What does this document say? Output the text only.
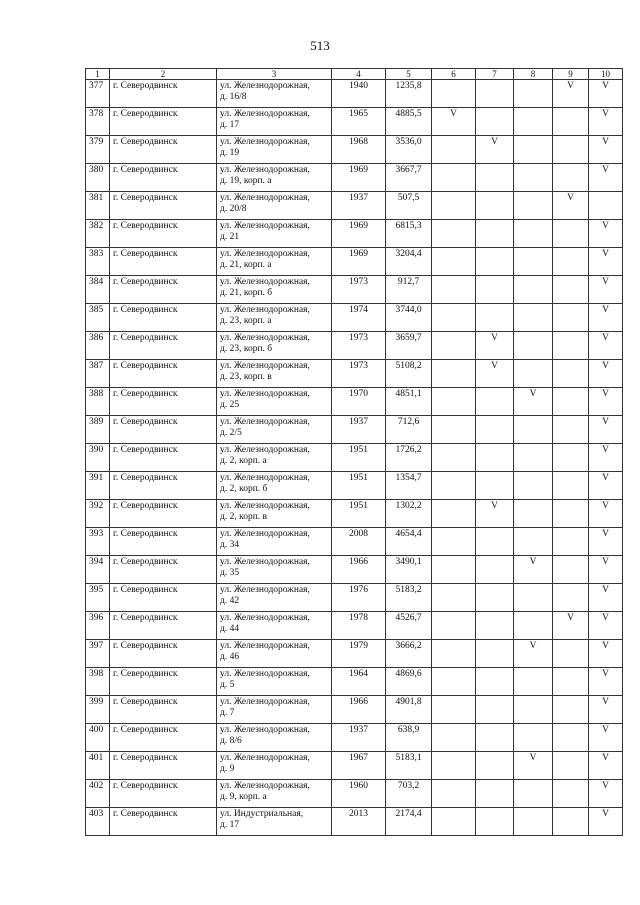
513
1	2	3	4	5	6	7	8	9	10
377	г. Северодвинск	ул. Железнодорожная,
д. 16/8	1940	1235,8				V	V
378	г. Северодвинск	ул. Железнодорожная,
д. 17	1965	4885,5	V				V
379	г. Северодвинск	ул. Железнодорожная,
д. 19	1968	3536,0		V			V
380	г. Северодвинск	ул. Железнодорожная,
д. 19, корп. а	1969	3667,7					V
381	г. Северодвинск	ул. Железнодорожная,
д. 20/8	1937	507,5				V	
382	г. Северодвинск	ул. Железнодорожная,
д. 21	1969	6815,3					V
383	г. Северодвинск	ул. Железнодорожная,
д. 21, корп. а	1969	3204,4					V
384	г. Северодвинск	ул. Железнодорожная,
д. 21, корп. б	1973	912,7					V
385	г. Северодвинск	ул. Железнодорожная,
д. 23, корп. а	1974	3744,0					V
386	г. Северодвинск	ул. Железнодорожная,
д. 23, корп. б	1973	3659,7		V			V
387	г. Северодвинск	ул. Железнодорожная,
д. 23, корп. в	1973	5108,2		V			V
388	г. Северодвинск	ул. Железнодорожная,
д. 25	1970	4851,1			V		V
389	г. Северодвинск	ул. Железнодорожная,
д. 2/5	1937	712,6					V
390	г. Северодвинск	ул. Железнодорожная,
д. 2, корп. а	1951	1726,2					V
391	г. Северодвинск	ул. Железнодорожная,
д. 2, корп. б	1951	1354,7					V
392	г. Северодвинск	ул. Железнодорожная,
д. 2, корп. в	1951	1302,2		V			V
393	г. Северодвинск	ул. Железнодорожная,
д. 34	2008	4654,4					V
394	г. Северодвинск	ул. Железнодорожная,
д. 35	1966	3490,1			V		V
395	г. Северодвинск	ул. Железнодорожная,
д. 42	1976	5183,2					V
396	г. Северодвинск	ул. Железнодорожная,
д. 44	1978	4526,7				V	V
397	г. Северодвинск	ул. Железнодорожная,
д. 46	1979	3666,2			V		V
398	г. Северодвинск	ул. Железнодорожная,
д. 5	1964	4869,6					V
399	г. Северодвинск	ул. Железнодорожная,
д. 7	1966	4901,8					V
400	г. Северодвинск	ул. Железнодорожная,
д. 8/6	1937	638,9					V
401	г. Северодвинск	ул. Железнодорожная,
д. 9	1967	5183,1			V		V
402	г. Северодвинск	ул. Железнодорожная,
д. 9, корп. а	1960	703,2					V
403	г. Северодвинск	ул. Индустриальная,
д. 17	2013	2174,4					V
